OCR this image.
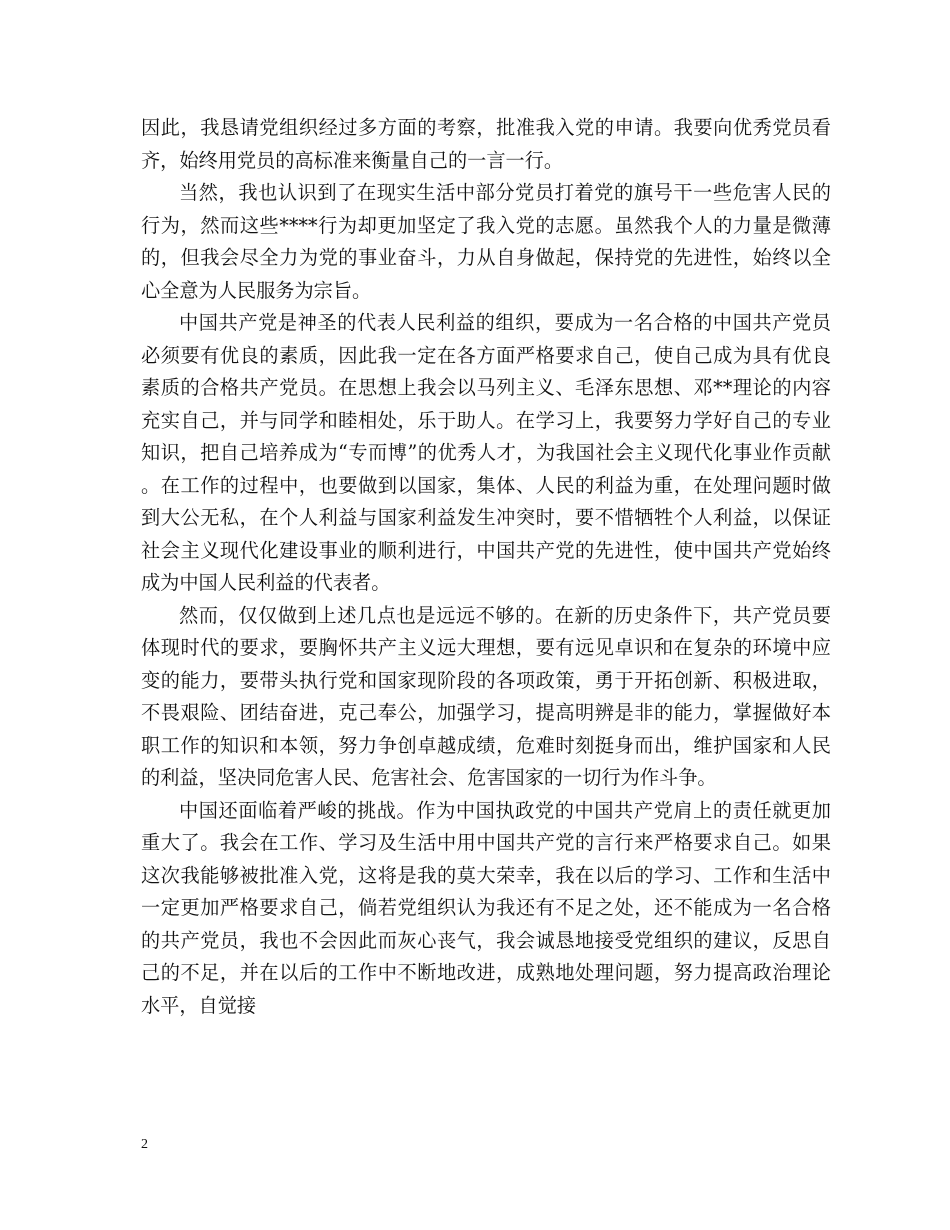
因此，我恳请党组织经过多方面的考察，批准我入党的申请。我要向优秀党员看齐，始终用党员的高标准来衡量自己的一言一行。

当然，我也认识到了在现实生活中部分党员打着党的旗号干一些危害人民的行为，然而这些****行为却更加坚定了我入党的志愿。虽然我个人的力量是微薄的，但我会尽全力为党的事业奋斗，力从自身做起，保持党的先进性，始终以全心全意为人民服务为宗旨。

中国共产党是神圣的代表人民利益的组织，要成为一名合格的中国共产党员必须要有优良的素质，因此我一定在各方面严格要求自己，使自己成为具有优良素质的合格共产党员。在思想上我会以马列主义、毛泽东思想、邓**理论的内容充实自己，并与同学和睦相处，乐于助人。在学习上，我要努力学好自己的专业知识，把自己培养成为“专而博”的优秀人才，为我国社会主义现代化事业作贡献。在工作的过程中，也要做到以国家，集体、人民的利益为重，在处理问题时做到大公无私，在个人利益与国家利益发生冲突时，要不惜牺牲个人利益，以保证社会主义现代化建设事业的顺利进行，中国共产党的先进性，使中国共产党始终成为中国人民利益的代表者。

然而，仅仅做到上述几点也是远远不够的。在新的历史条件下，共产党员要体现时代的要求，要胸怀共产主义远大理想，要有远见卓识和在复杂的环境中应变的能力，要带头执行党和国家现阶段的各项政策，勇于开拓创新、积极进取，不畏艰险、团结奋进，克己奉公，加强学习，提高明辨是非的能力，掌握做好本职工作的知识和本领，努力争创卓越成绩，危难时刻挺身而出，维护国家和人民的利益，坚决同危害人民、危害社会、危害国家的一切行为作斗争。

中国还面临着严峻的挑战。作为中国执政党的中国共产党肩上的责任就更加重大了。我会在工作、学习及生活中用中国共产党的言行来严格要求自己。如果这次我能够被批准入党，这将是我的莫大荣幸，我在以后的学习、工作和生活中一定更加严格要求自己，倘若党组织认为我还有不足之处，还不能成为一名合格的共产党员，我也不会因此而灰心丧气，我会诚恳地接受党组织的建议，反思自己的不足，并在以后的工作中不断地改进，成熟地处理问题，努力提高政治理论水平，自觉接

2
